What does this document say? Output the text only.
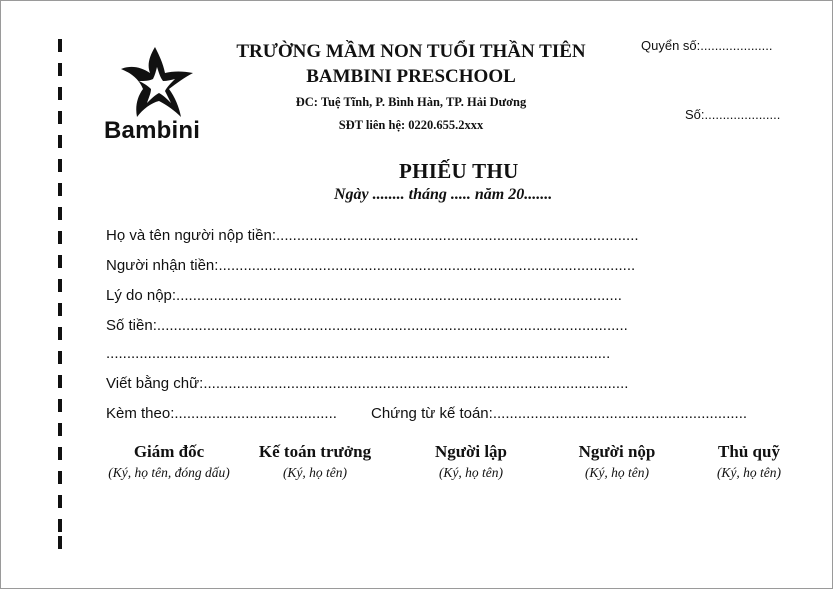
Bambini
TRƯỜNG MẦM NON TUỔI THẦN TIÊN
BAMBINI PRESCHOOL
ĐC: Tuệ Tĩnh, P. Bình Hàn, TP. Hải Dương
SĐT liên hệ: 0220.655.2xxx
Quyển số:....................
Số:.....................
PHIẾU THU
Ngày ........ tháng ..... năm 20.......
Họ và tên người nộp tiền:.......................................................................................
Người nhận tiền:....................................................................................................
Lý do nộp:...........................................................................................................
Số tiền:.................................................................................................................
.........................................................................................................................
Viết bằng chữ:......................................................................................................
Kèm theo:.......................................	Chứng từ kế toán:.............................................................
Giám đốc
(Ký, họ tên, đóng dấu)
Kế toán trưởng
(Ký, họ tên)
Người lập
(Ký, họ tên)
Người nộp
(Ký, họ tên)
Thủ quỹ
(Ký, họ tên)
